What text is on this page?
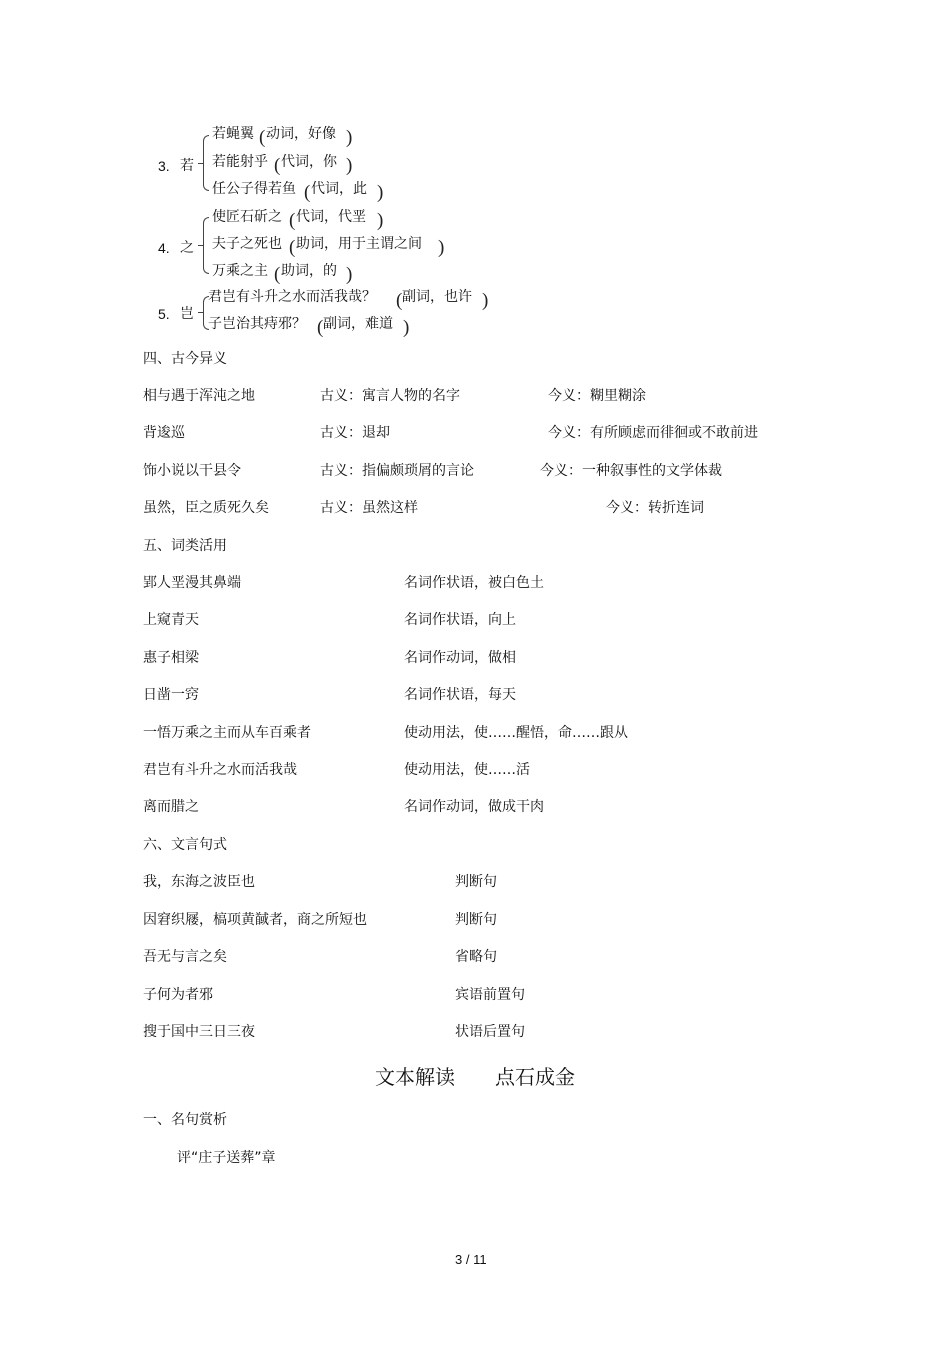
3. 若
若蝇翼 ( 动词，好像 )
若能射乎 ( 代词，你 )
任公子得若鱼 ( 代词，此 )
4. 之
使匠石斫之 ( 代词，代垩 )
夫子之死也 ( 助词，用于主谓之间 )
万乘之主 ( 助词，的 )
5. 岂
君岂有斗升之水而活我哉？ ( 副词，也许 )
子岂治其痔邪？ ( 副词，难道 )
四、古今异义
相与遇于浑沌之地	古义：寓言人物的名字	今义：糊里糊涂
背逡巡	古义：退却	今义：有所顾虑而徘徊或不敢前进
饰小说以干县令	古义：指偏颇琐屑的言论	今义：一种叙事性的文学体裁
虽然，臣之质死久矣	古义：虽然这样	今义：转折连词
五、词类活用
郢人垩漫其鼻端	名词作状语，被白色土
上窥青天	名词作状语，向上
惠子相梁	名词作动词，做相
日凿一窍	名词作状语，每天
一悟万乘之主而从车百乘者	使动用法，使……醒悟，命……跟从
君岂有斗升之水而活我哉	使动用法，使……活
离而腊之	名词作动词，做成干肉
六、文言句式
我，东海之波臣也	判断句
因窘织屦，槁项黄馘者，商之所短也	判断句
吾无与言之矣	省略句
子何为者邪	宾语前置句
搜于国中三日三夜	状语后置句
文本解读　　点石成金
一、名句赏析
评“庄子送葬”章
3 / 11
